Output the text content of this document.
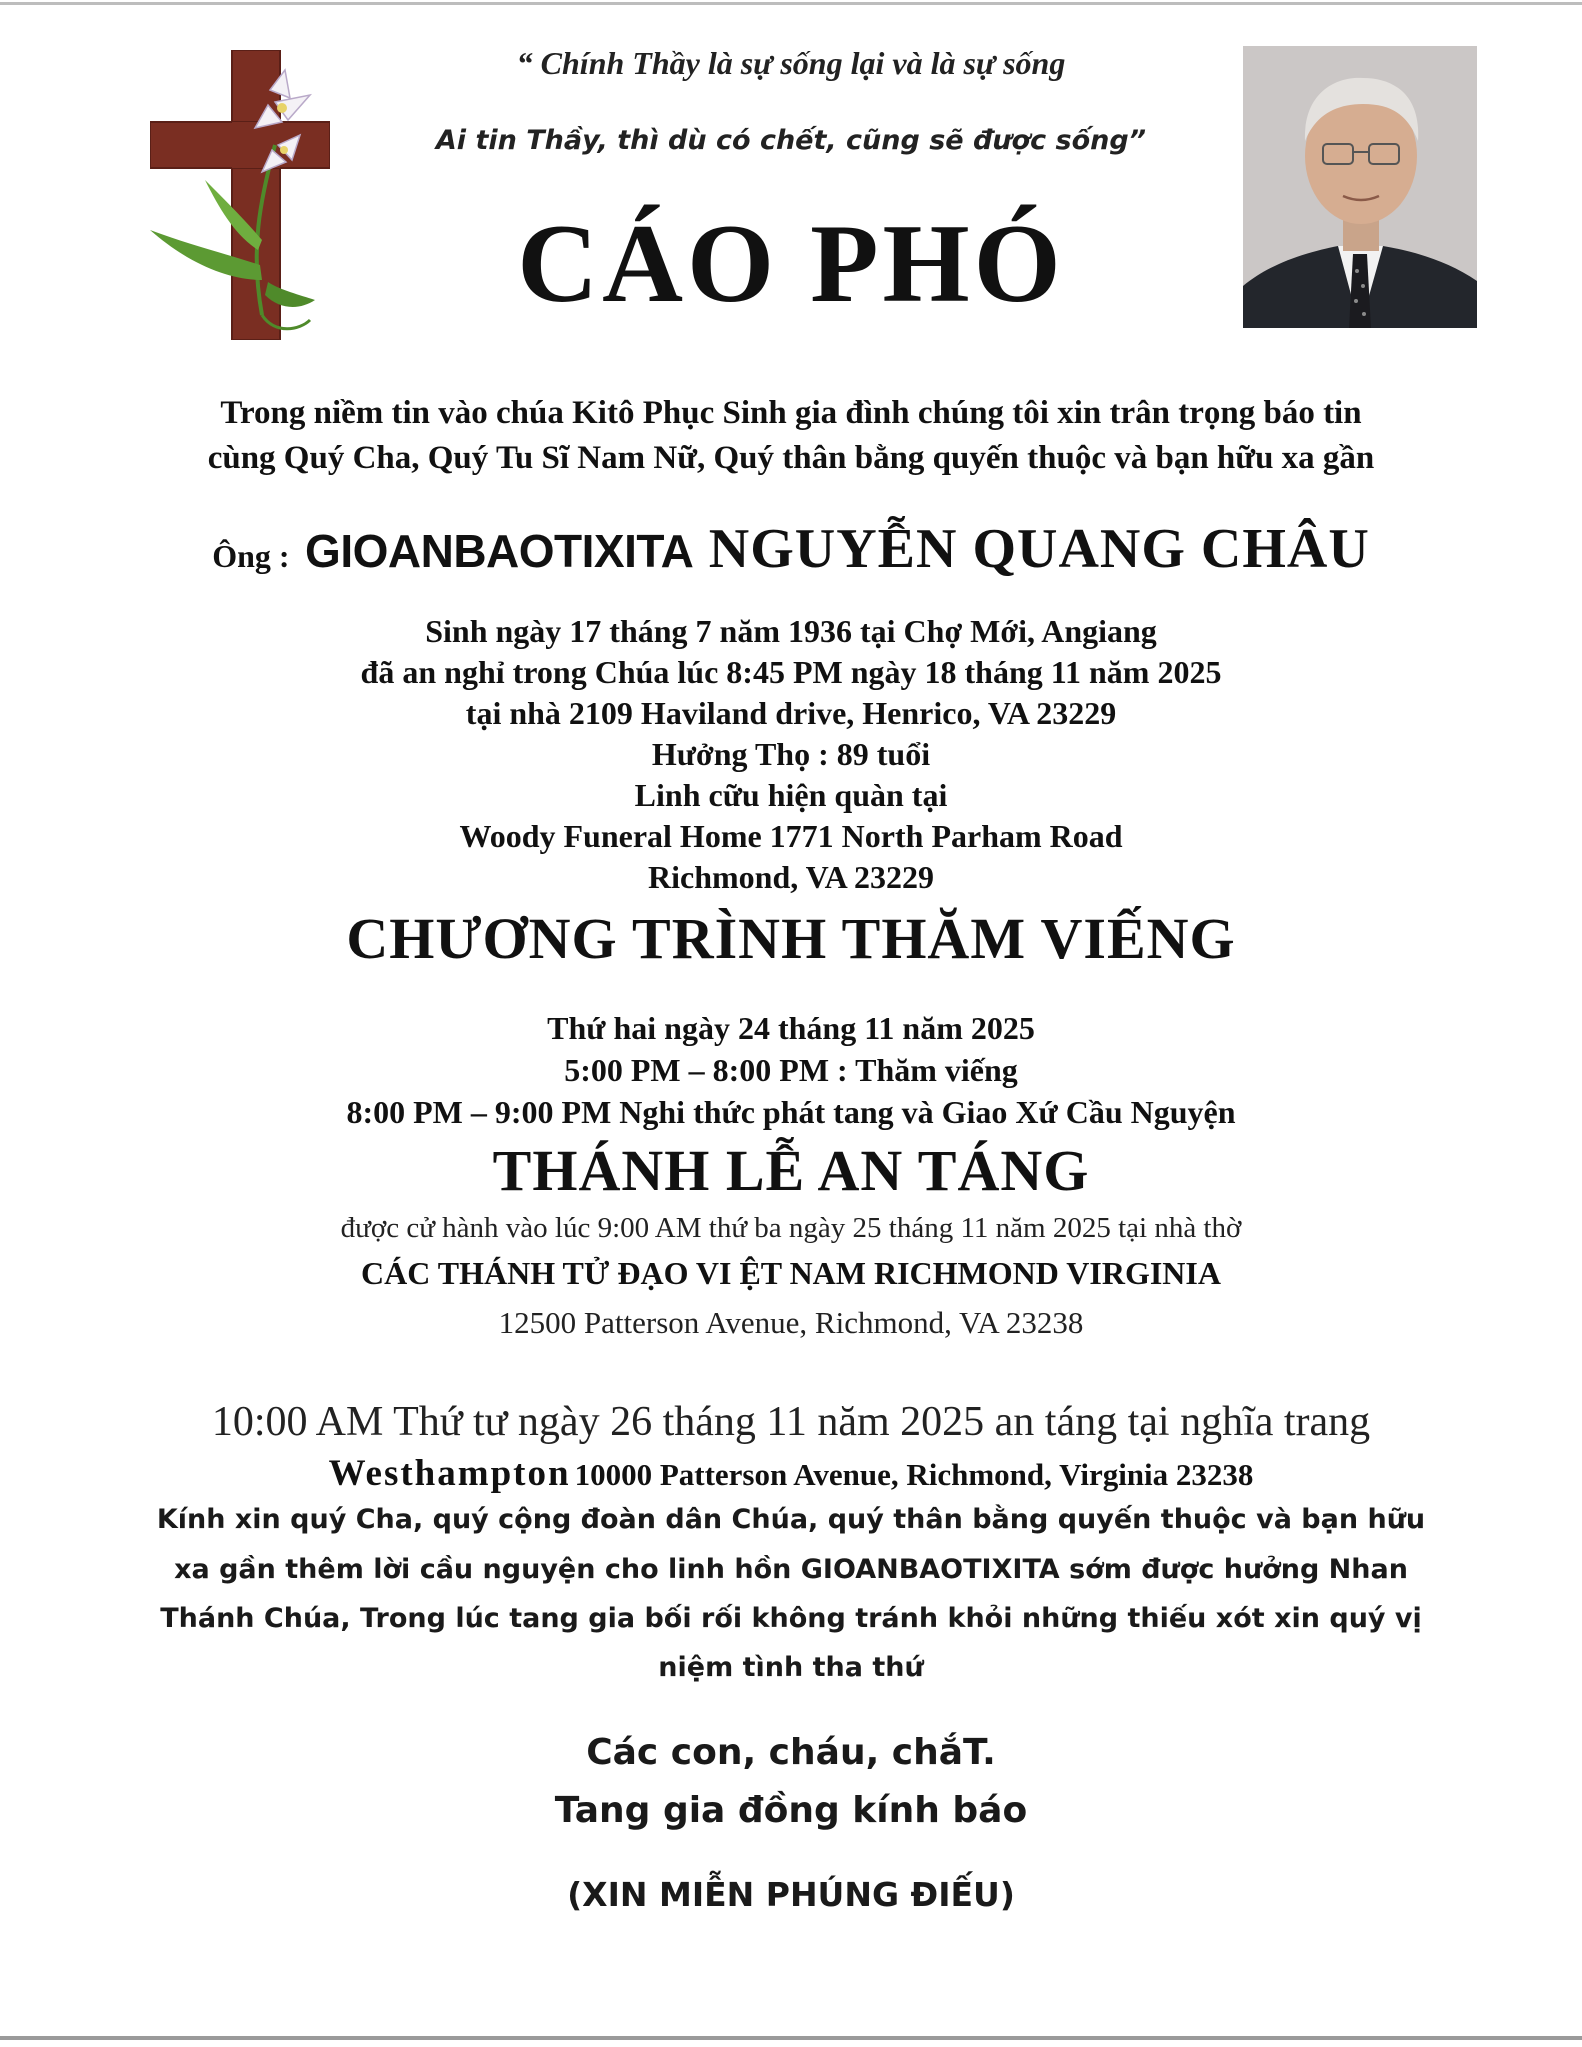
“ Chính Thầy là sự sống lại và là sự sống
Ai tin Thầy, thì dù có chết, cũng sẽ được sống”
CÁO PHÓ
Trong niềm tin vào chúa Kitô Phục Sinh gia đình chúng tôi xin trân trọng báo tin
cùng Quý Cha, Quý Tu Sĩ Nam Nữ, Quý thân bằng quyến thuộc và bạn hữu xa gần
Ông : GIOANBAOTIXITA NGUYỄN QUANG CHÂU
Sinh ngày 17 tháng 7 năm 1936 tại Chợ Mới, Angiang
đã an nghỉ trong Chúa lúc 8:45 PM ngày 18 tháng 11 năm 2025
tại nhà 2109 Haviland drive, Henrico, VA 23229
Hưởng Thọ : 89 tuổi
Linh cữu hiện quàn tại
Woody Funeral Home 1771 North Parham Road
Richmond, VA 23229
CHƯƠNG TRÌNH THĂM VIẾNG
Thứ hai ngày 24 tháng 11 năm 2025
5:00 PM – 8:00 PM : Thăm viếng
8:00 PM – 9:00 PM Nghi thức phát tang và Giao Xứ Cầu Nguyện
THÁNH LỄ AN TÁNG
được cử hành vào lúc 9:00 AM thứ ba ngày 25 tháng 11 năm 2025 tại nhà thờ
CÁC THÁNH TỬ ĐẠO VI ỆT NAM RICHMOND VIRGINIA
12500 Patterson Avenue, Richmond, VA 23238
10:00 AM Thứ tư ngày 26 tháng 11 năm 2025 an táng tại nghĩa trang
Westhampton 10000 Patterson Avenue, Richmond, Virginia 23238
Kính xin quý Cha, quý cộng đoàn dân Chúa, quý thân bằng quyến thuộc và bạn hữu
xa gần thêm lời cầu nguyện cho linh hồn GIOANBAOTIXITA sớm được hưởng Nhan
Thánh Chúa, Trong lúc tang gia bối rối không tránh khỏi những thiếu xót xin quý vị
niệm tình tha thứ
Các con, cháu, chắT.
Tang gia đồng kính báo
(XIN MIỄN PHÚNG ĐIẾU)
